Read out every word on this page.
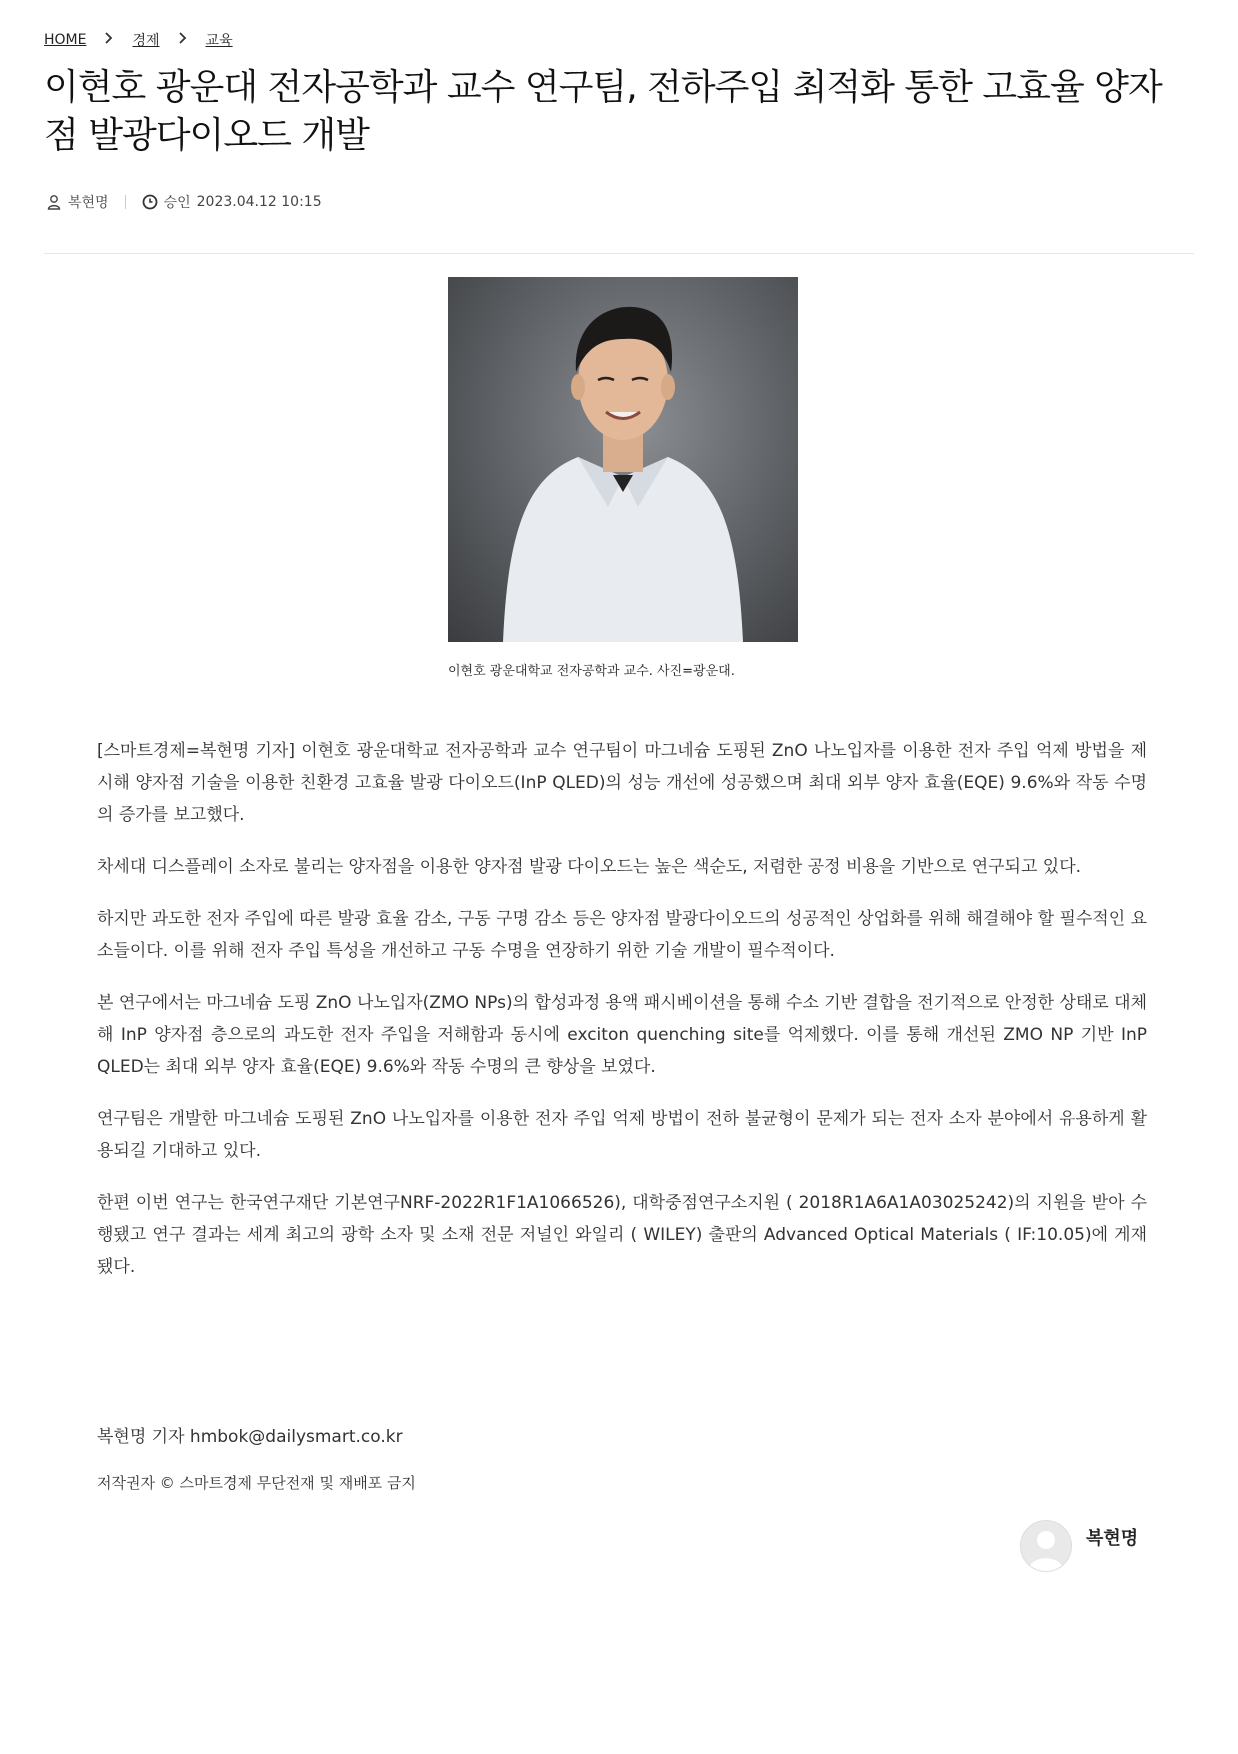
HOME	경제	교육
이현호 광운대 전자공학과 교수 연구팀, 전하주입 최적화 통한 고효율 양자점 발광다이오드 개발
복현명	승인 2023.04.12 10:15
이현호 광운대학교 전자공학과 교수. 사진=광운대.

[스마트경제=복현명 기자] 이현호 광운대학교 전자공학과 교수 연구팀이 마그네슘 도핑된 ZnO 나노입자를 이용한 전자 주입 억제 방법을 제시해 양자점 기술을 이용한 친환경 고효율 발광 다이오드(InP QLED)의 성능 개선에 성공했으며 최대 외부 양자 효율(EQE) 9.6%와 작동 수명의 증가를 보고했다.

차세대 디스플레이 소자로 불리는 양자점을 이용한 양자점 발광 다이오드는 높은 색순도, 저렴한 공정 비용을 기반으로 연구되고 있다.

하지만 과도한 전자 주입에 따른 발광 효율 감소, 구동 구명 감소 등은 양자점 발광다이오드의 성공적인 상업화를 위해 해결해야 할 필수적인 요소들이다. 이를 위해 전자 주입 특성을 개선하고 구동 수명을 연장하기 위한 기술 개발이 필수적이다.

본 연구에서는 마그네슘 도핑 ZnO 나노입자(ZMO NPs)의 합성과정 용액 패시베이션을 통해 수소 기반 결합을 전기적으로 안정한 상태로 대체해 InP 양자점 층으로의 과도한 전자 주입을 저해함과 동시에 exciton quenching site를 억제했다. 이를 통해 개선된 ZMO NP 기반 InP QLED는 최대 외부 양자 효율(EQE) 9.6%와 작동 수명의 큰 향상을 보였다.

연구팀은 개발한 마그네슘 도핑된 ZnO 나노입자를 이용한 전자 주입 억제 방법이 전하 불균형이 문제가 되는 전자 소자 분야에서 유용하게 활용되길 기대하고 있다.

한편 이번 연구는 한국연구재단 기본연구NRF-2022R1F1A1066526), 대학중점연구소지원 ( 2018R1A6A1A03025242)의 지원을 받아 수행됐고 연구 결과는 세계 최고의 광학 소자 및 소재 전문 저널인 와일리 ( WILEY) 출판의 Advanced Optical Materials ( IF:10.05)에 게재됐다.

복현명 기자 hmbok@dailysmart.co.kr
저작권자 © 스마트경제 무단전재 및 재배포 금지
복현명
